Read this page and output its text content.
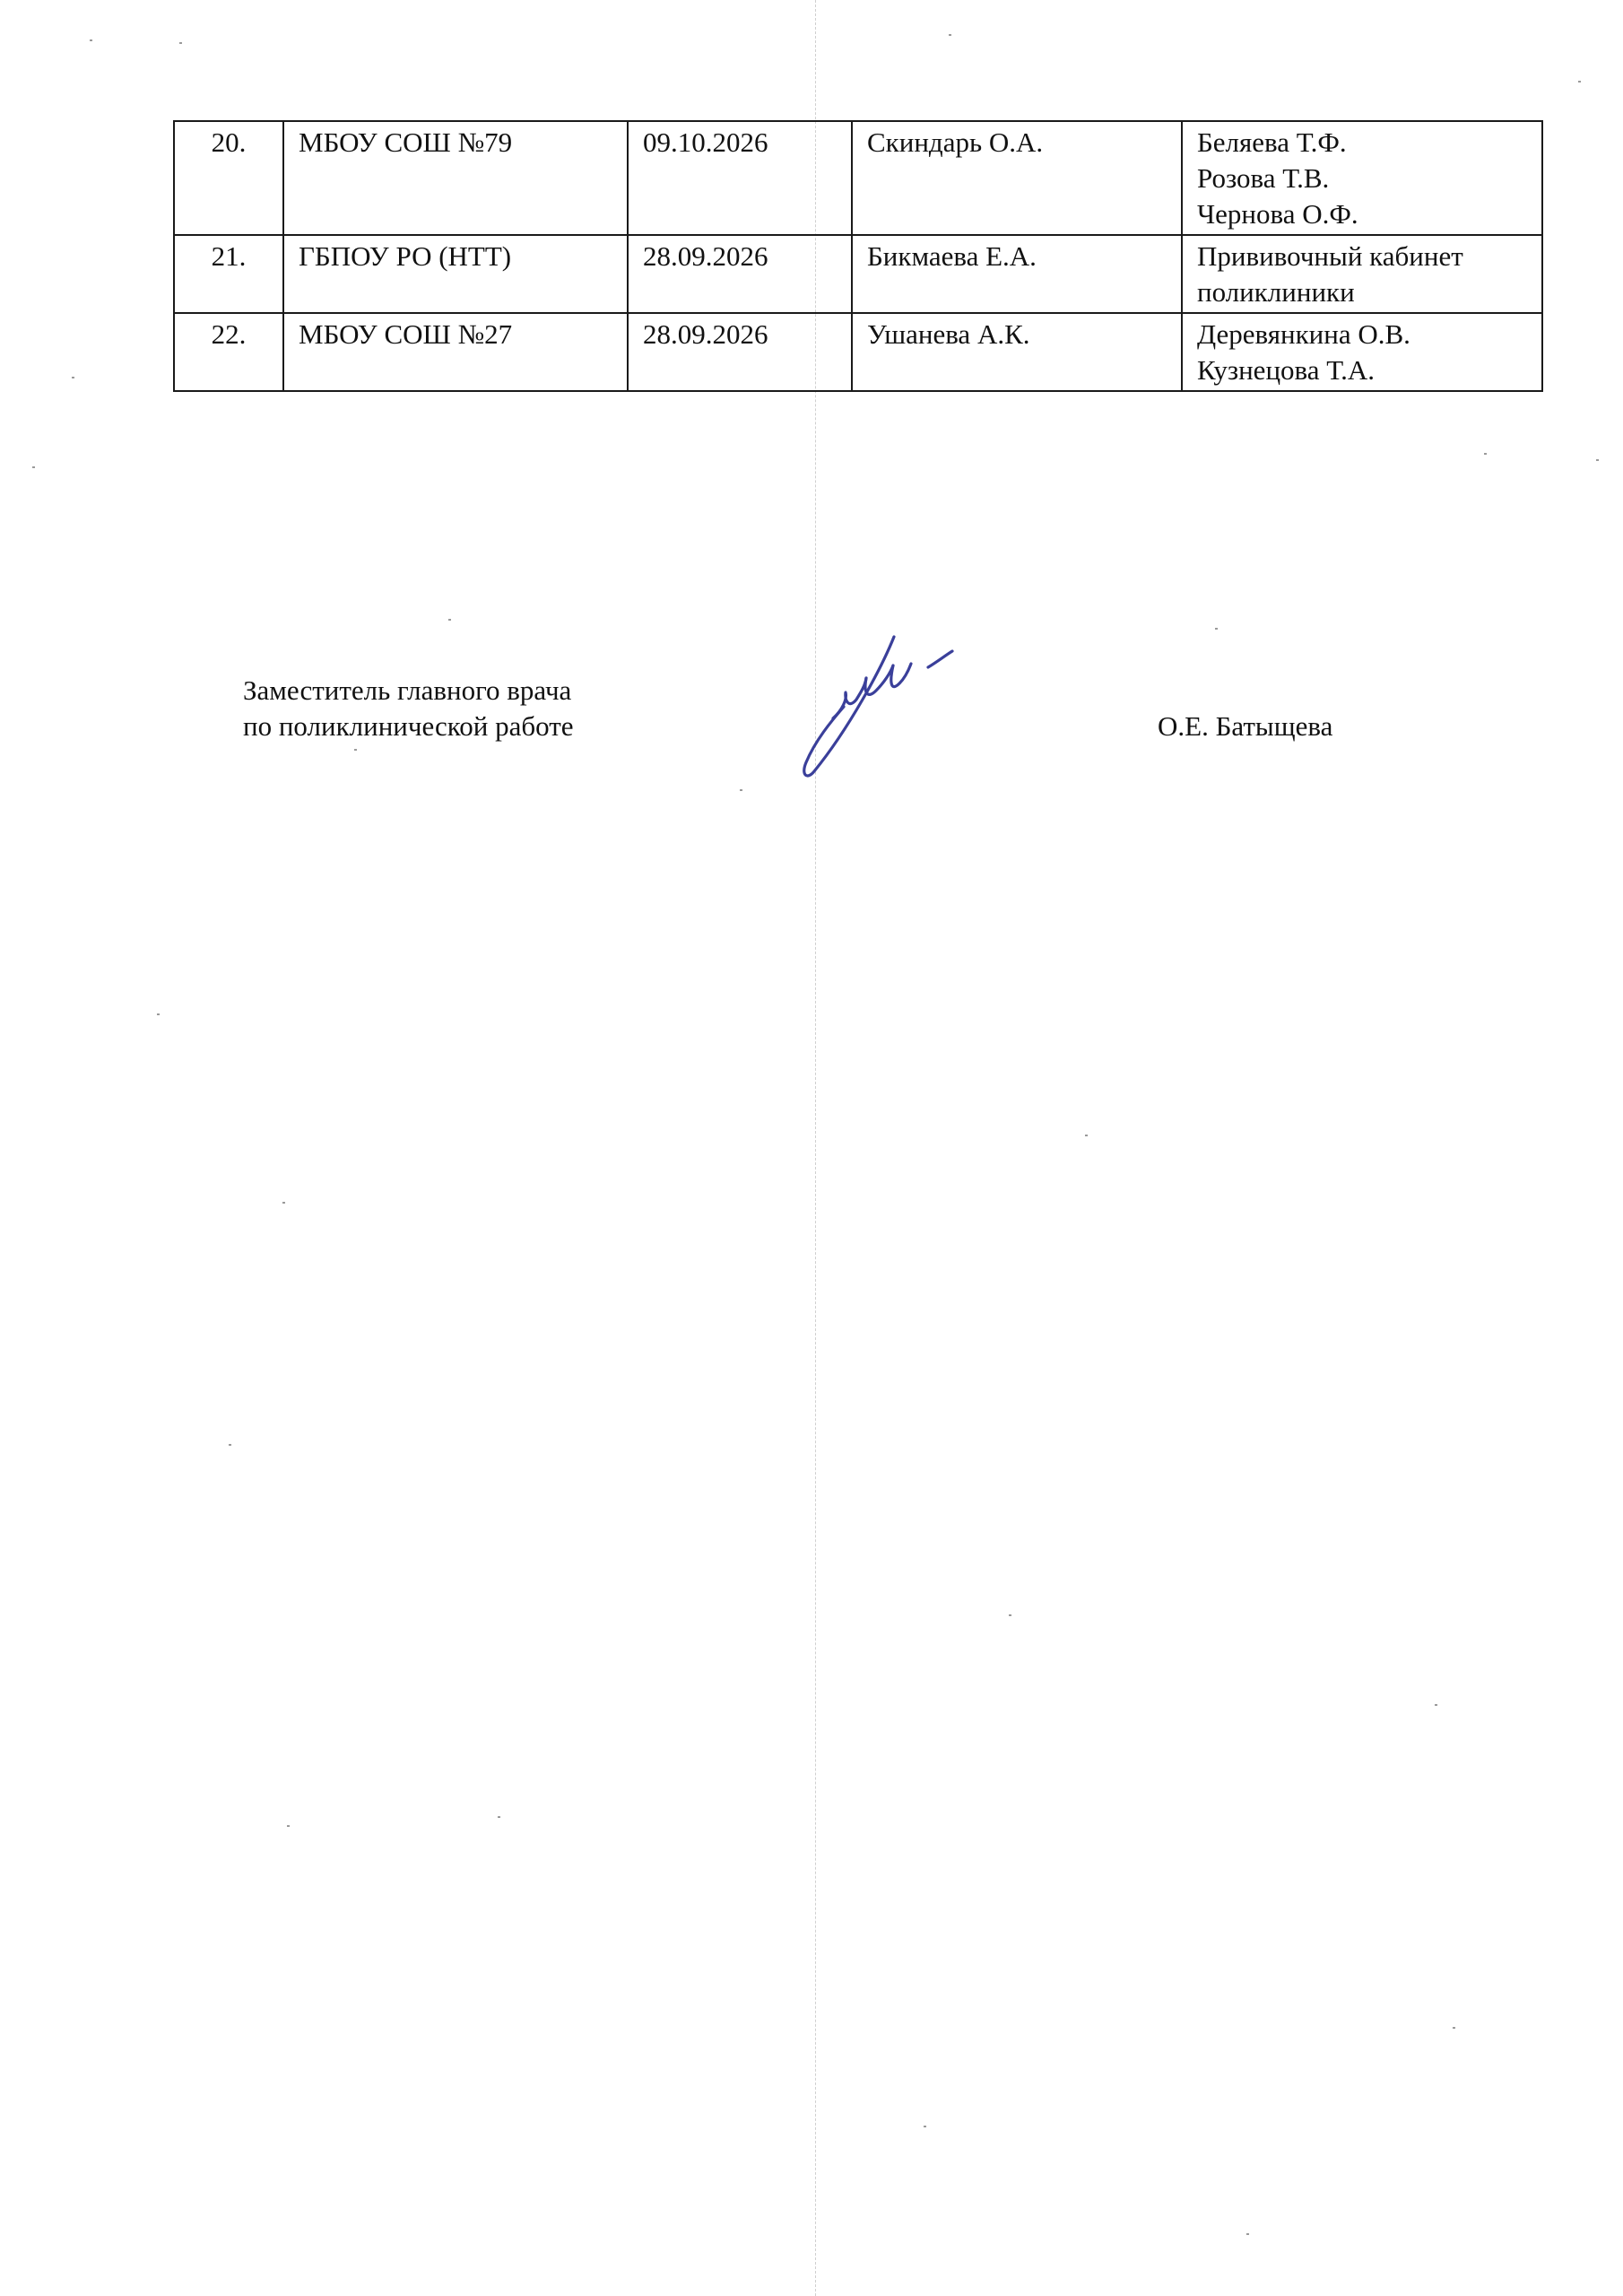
20.	МБОУ СОШ №79	09.10.2026	Скиндарь О.А.	Беляева Т.Ф.
Розова Т.В.
Чернова О.Ф.

21.	ГБПОУ РО (НТТ)	28.09.2026	Бикмаева Е.А.	Прививочный кабинет
поликлиники

22.	МБОУ СОШ №27	28.09.2026	Ушанева А.К.	Деревянкина О.В.
Кузнецова Т.А.
Заместитель главного врача
по поликлинической работе	О.Е. Батыщева
